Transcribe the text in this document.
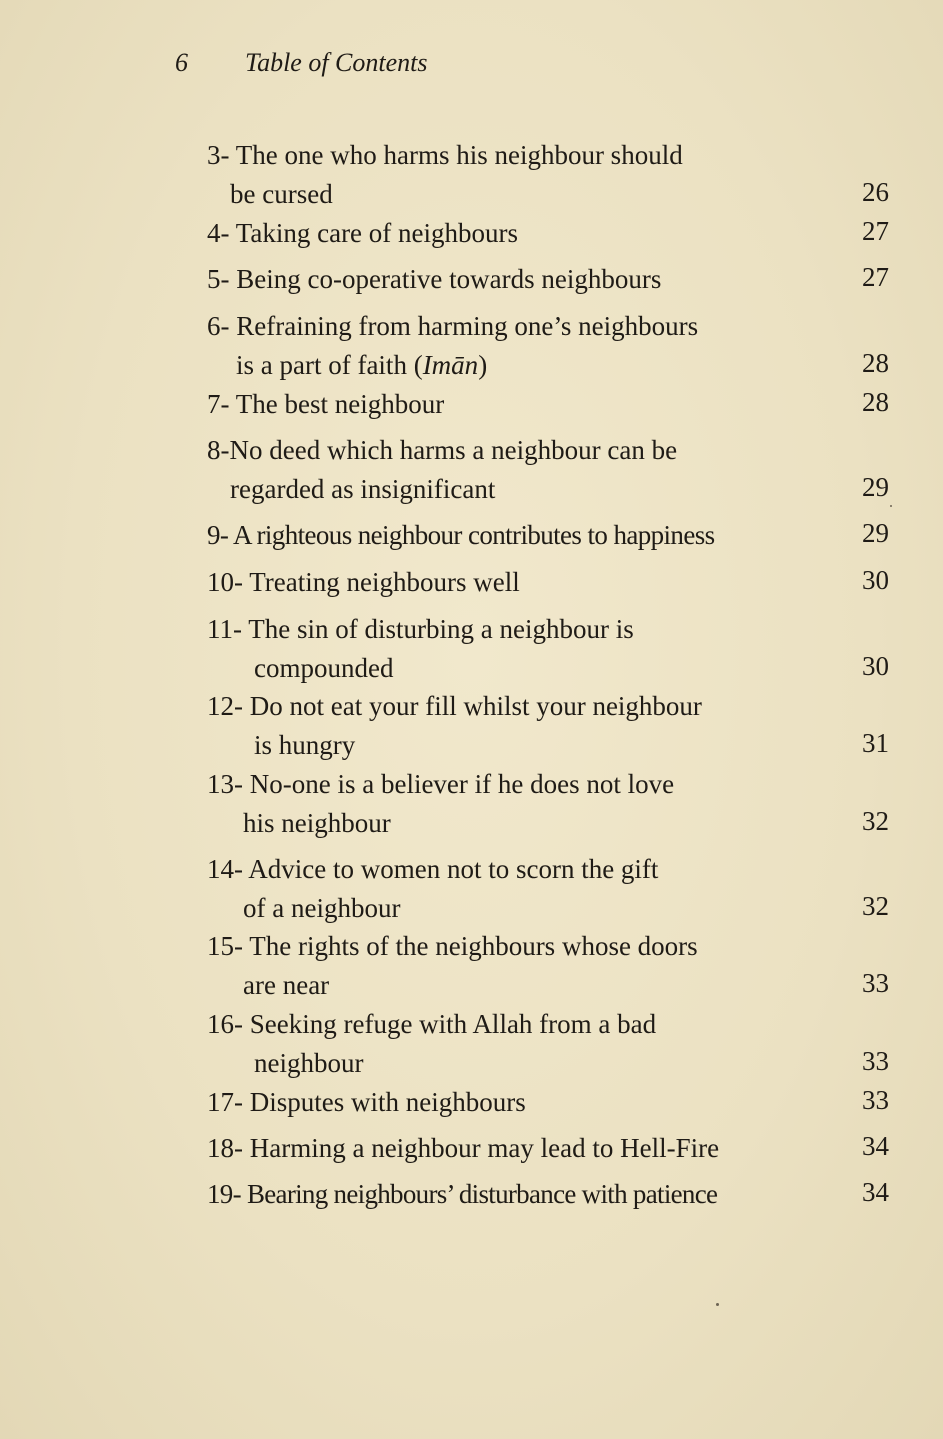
6 Table of Contents
3- The one who harms his neighbour should
be cursed	26
4- Taking care of neighbours	27
5- Being co-operative towards neighbours	27
6- Refraining from harming one’s neighbours
is a part of faith (Imān)	28
7- The best neighbour	28
8-No deed which harms a neighbour can be
regarded as insignificant	29
9- A righteous neighbour contributes to happiness	29
10- Treating neighbours well	30
11- The sin of disturbing a neighbour is
compounded	30
12- Do not eat your fill whilst your neighbour
is hungry	31
13- No-one is a believer if he does not love
his neighbour	32
14- Advice to women not to scorn the gift
of a neighbour	32
15- The rights of the neighbours whose doors
are near	33
16- Seeking refuge with Allah from a bad
neighbour	33
17- Disputes with neighbours	33
18- Harming a neighbour may lead to Hell-Fire	34
19- Bearing neighbours’ disturbance with patience	34
